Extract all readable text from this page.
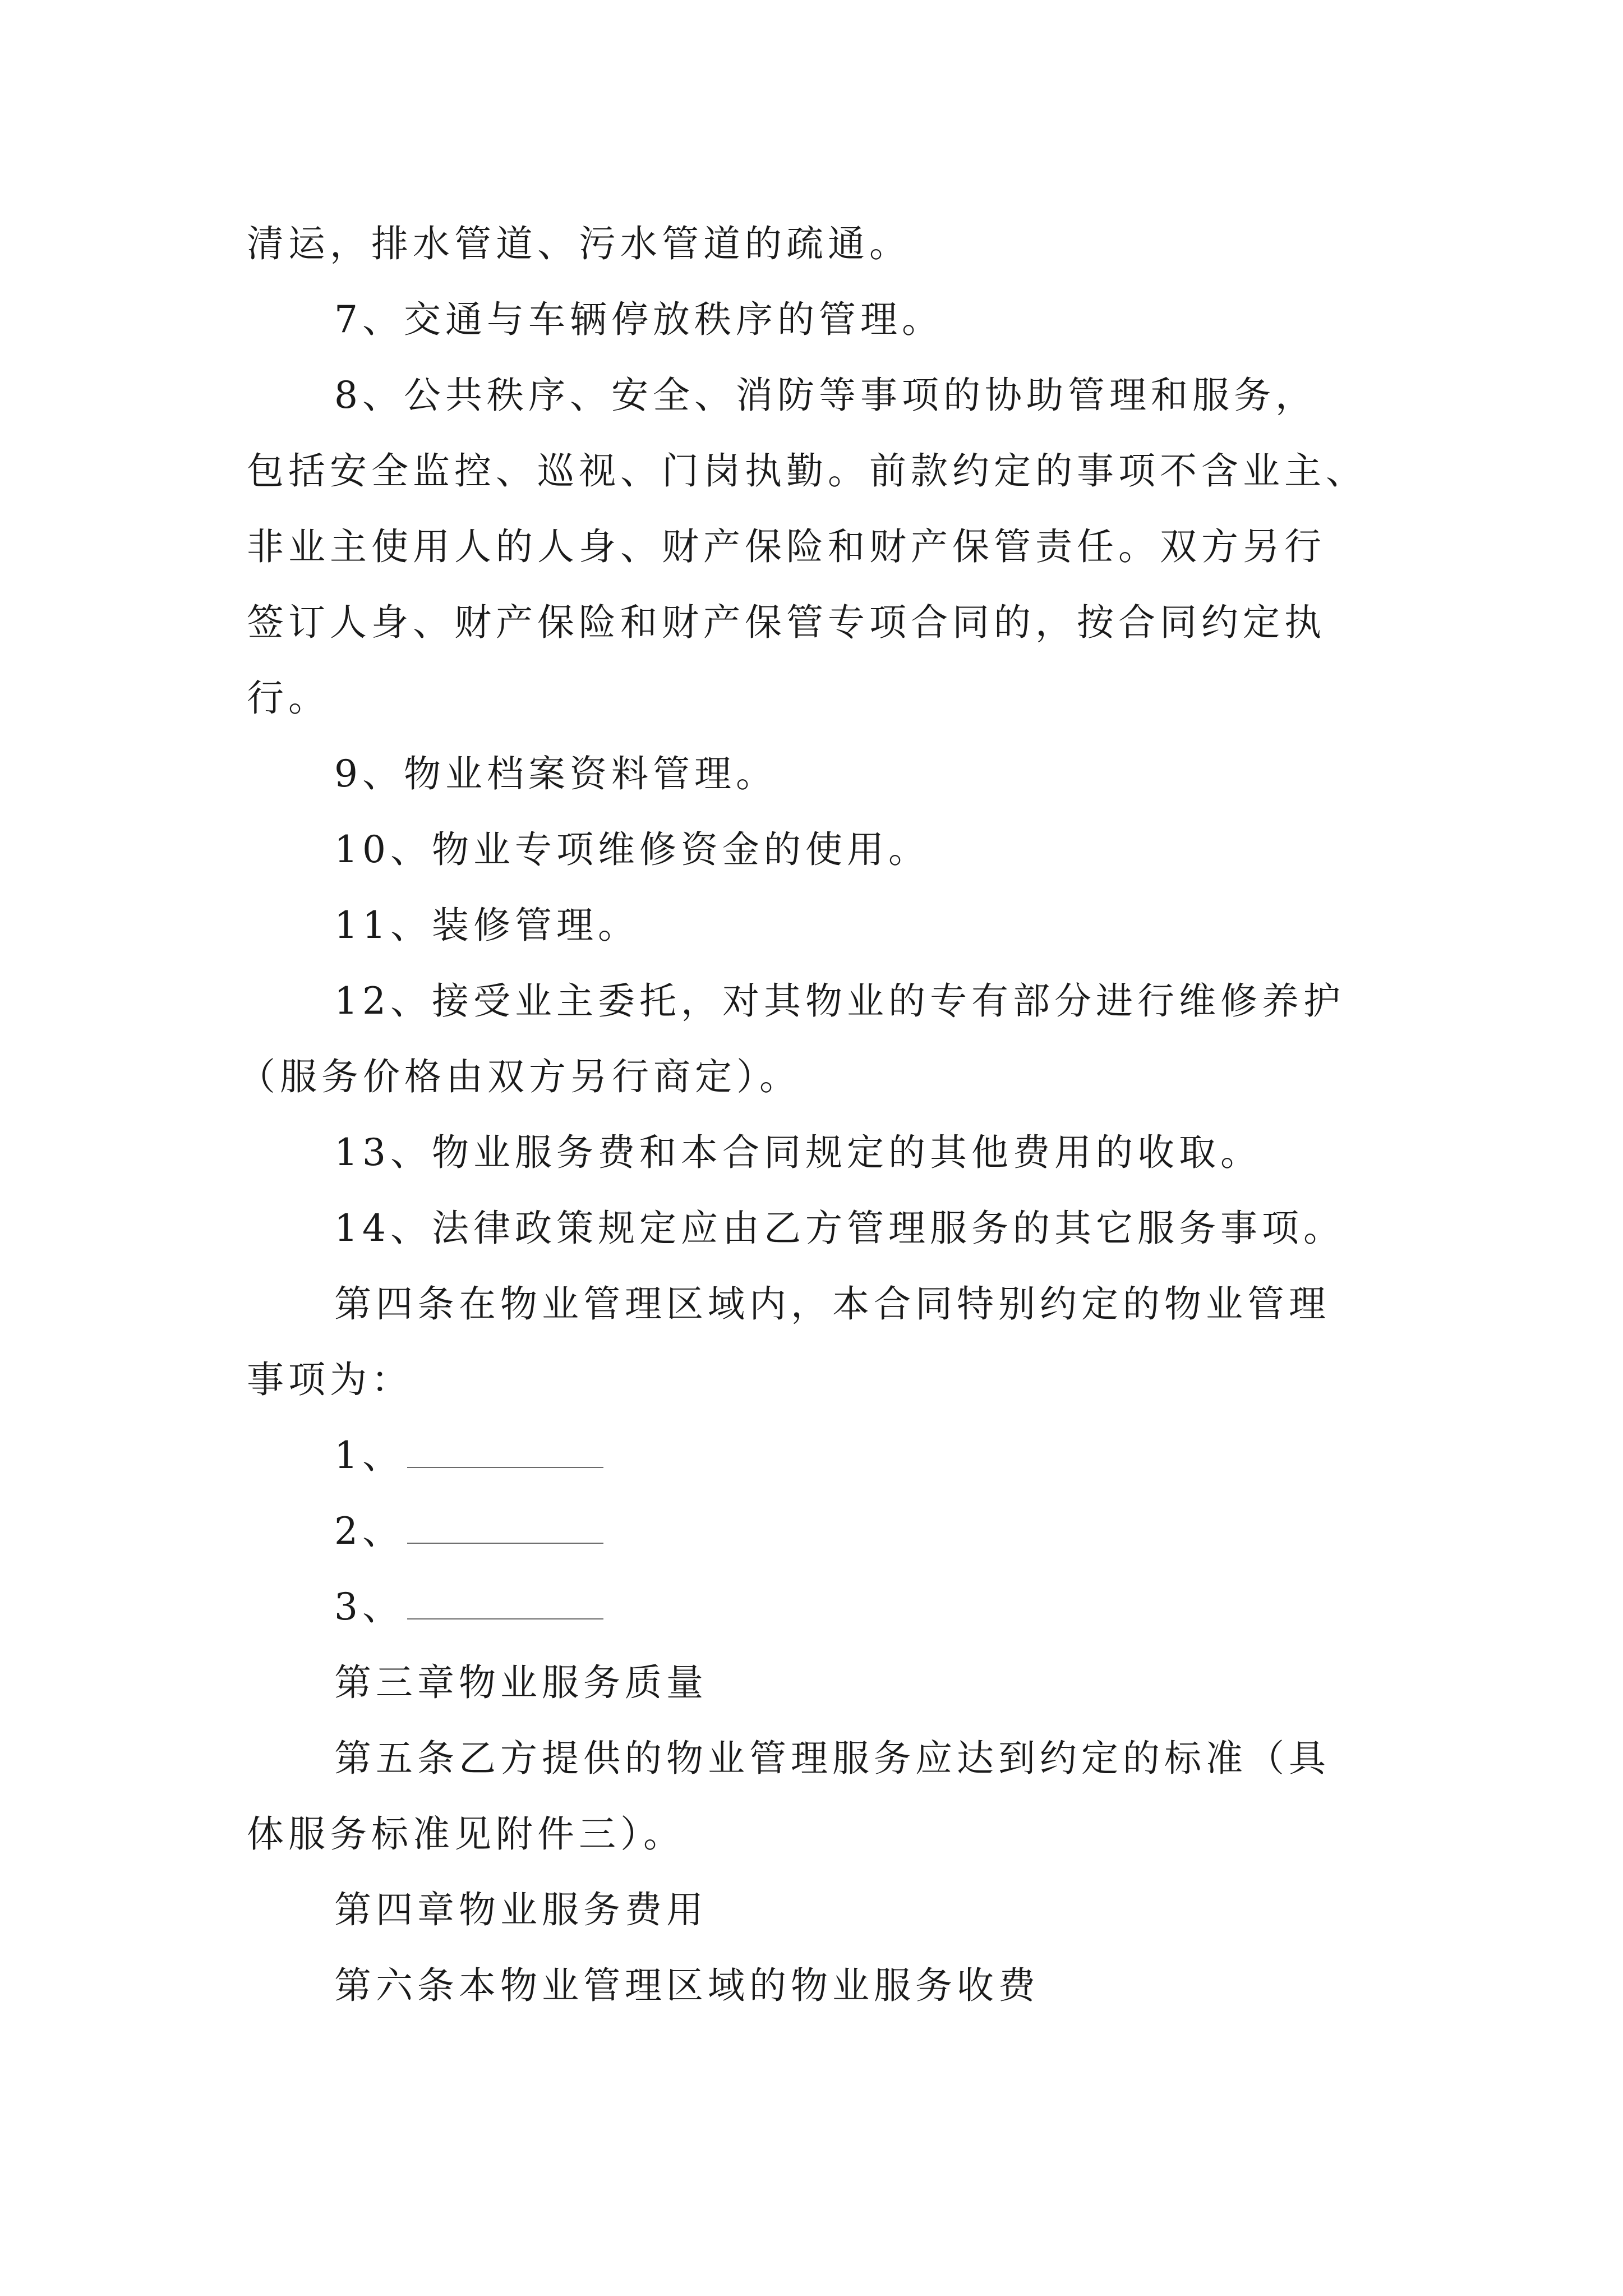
清运，排水管道、污水管道的疏通。
7、交通与车辆停放秩序的管理。
8、公共秩序、安全、消防等事项的协助管理和服务，
包括安全监控、巡视、门岗执勤。前款约定的事项不含业主、
非业主使用人的人身、财产保险和财产保管责任。双方另行
签订人身、财产保险和财产保管专项合同的，按合同约定执
行。
9、物业档案资料管理。
10、物业专项维修资金的使用。
11、装修管理。
12、接受业主委托，对其物业的专有部分进行维修养护
（服务价格由双方另行商定）。
13、物业服务费和本合同规定的其他费用的收取。
14、法律政策规定应由乙方管理服务的其它服务事项。
第四条在物业管理区域内，本合同特别约定的物业管理
事项为：
1、
2、
3、
第三章物业服务质量
第五条乙方提供的物业管理服务应达到约定的标准（具
体服务标准见附件三）。
第四章物业服务费用
第六条本物业管理区域的物业服务收费
